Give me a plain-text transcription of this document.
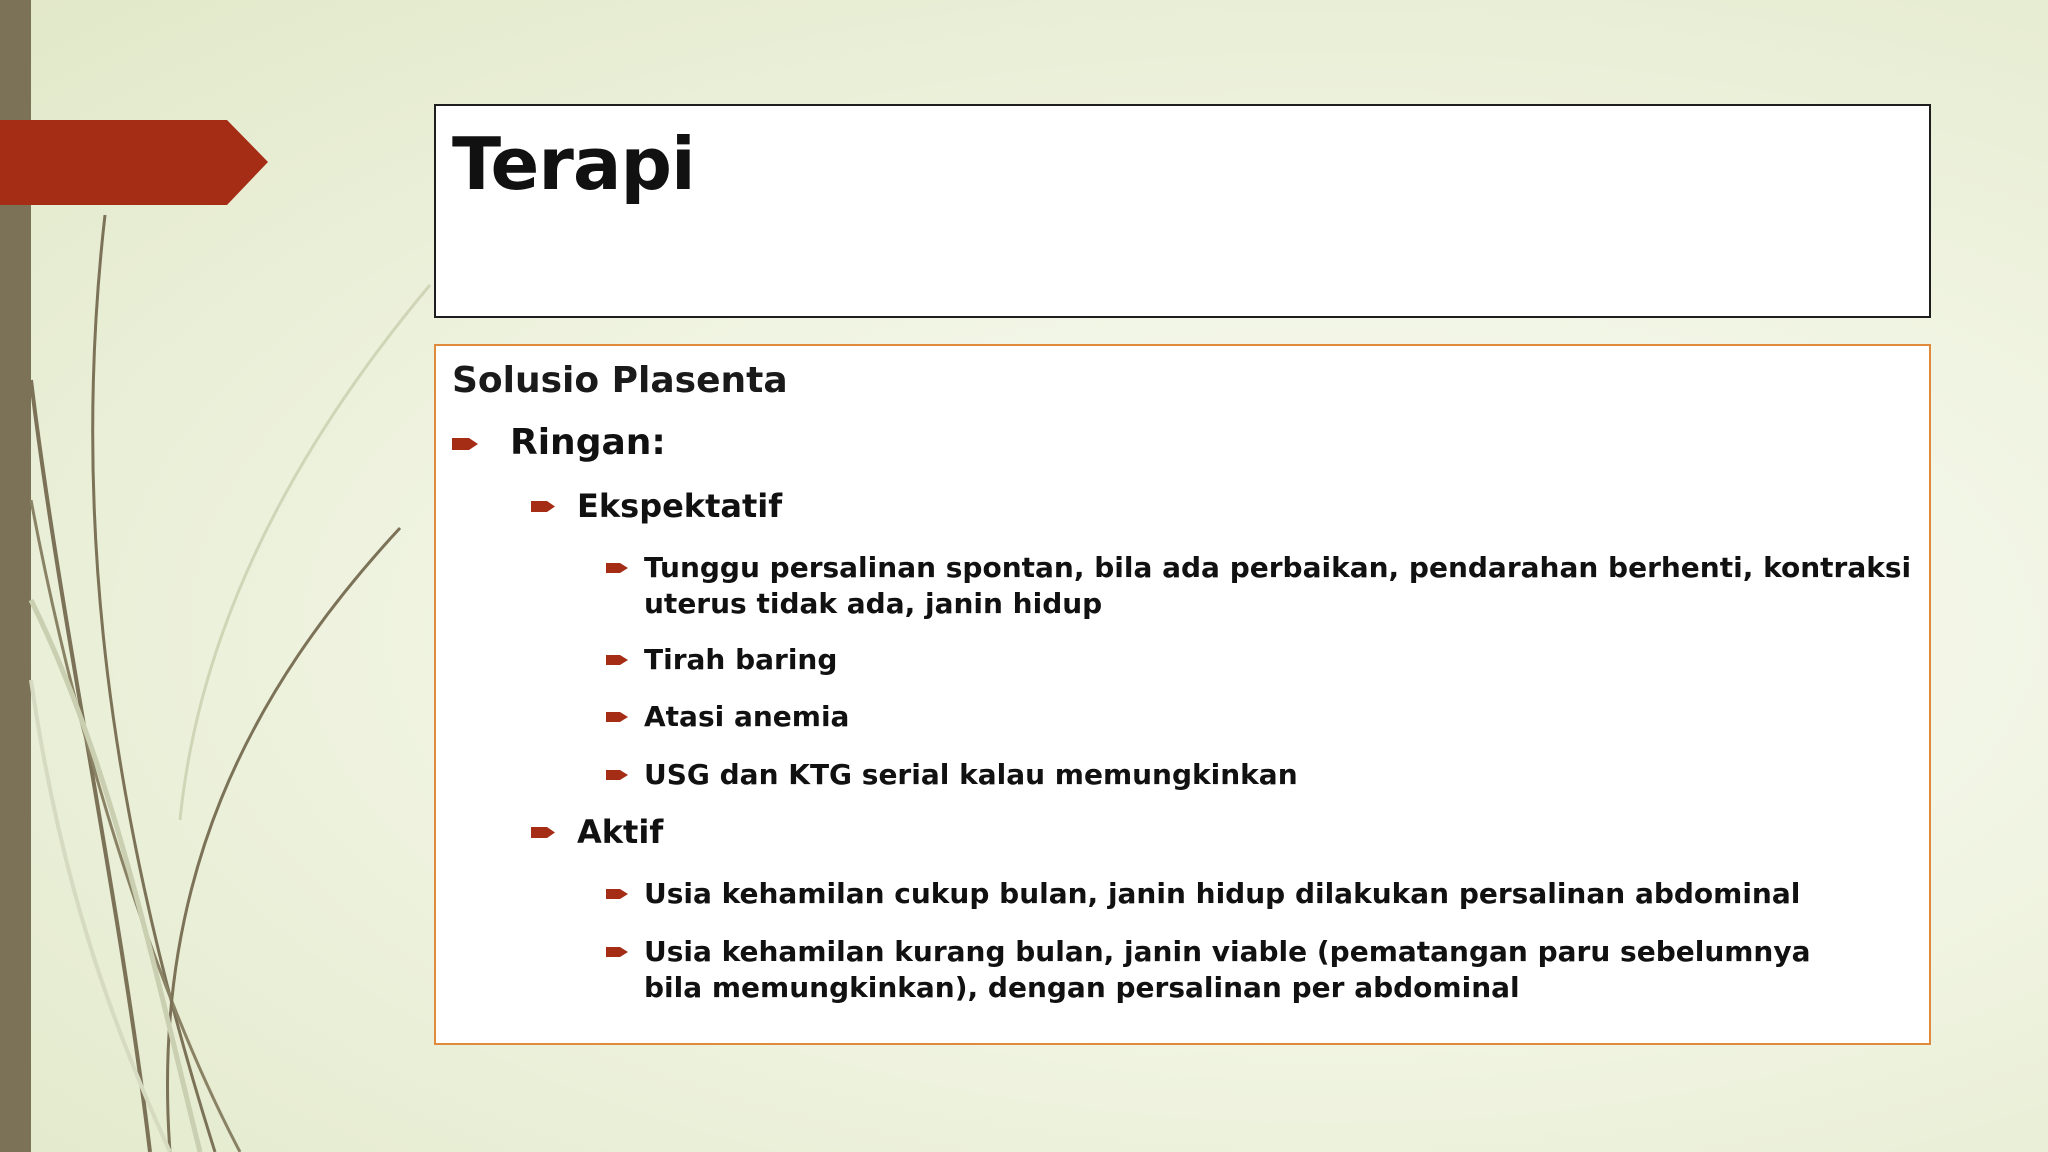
Terapi
Solusio Plasenta
Ringan:
Ekspektatif
Tunggu persalinan spontan, bila ada perbaikan, pendarahan berhenti, kontraksi uterus tidak ada, janin hidup
Tirah baring
Atasi anemia
USG dan KTG serial kalau memungkinkan
Aktif
Usia kehamilan cukup bulan, janin hidup dilakukan persalinan abdominal
Usia kehamilan kurang bulan, janin viable (pematangan paru sebelumnya bila memungkinkan), dengan persalinan per abdominal
